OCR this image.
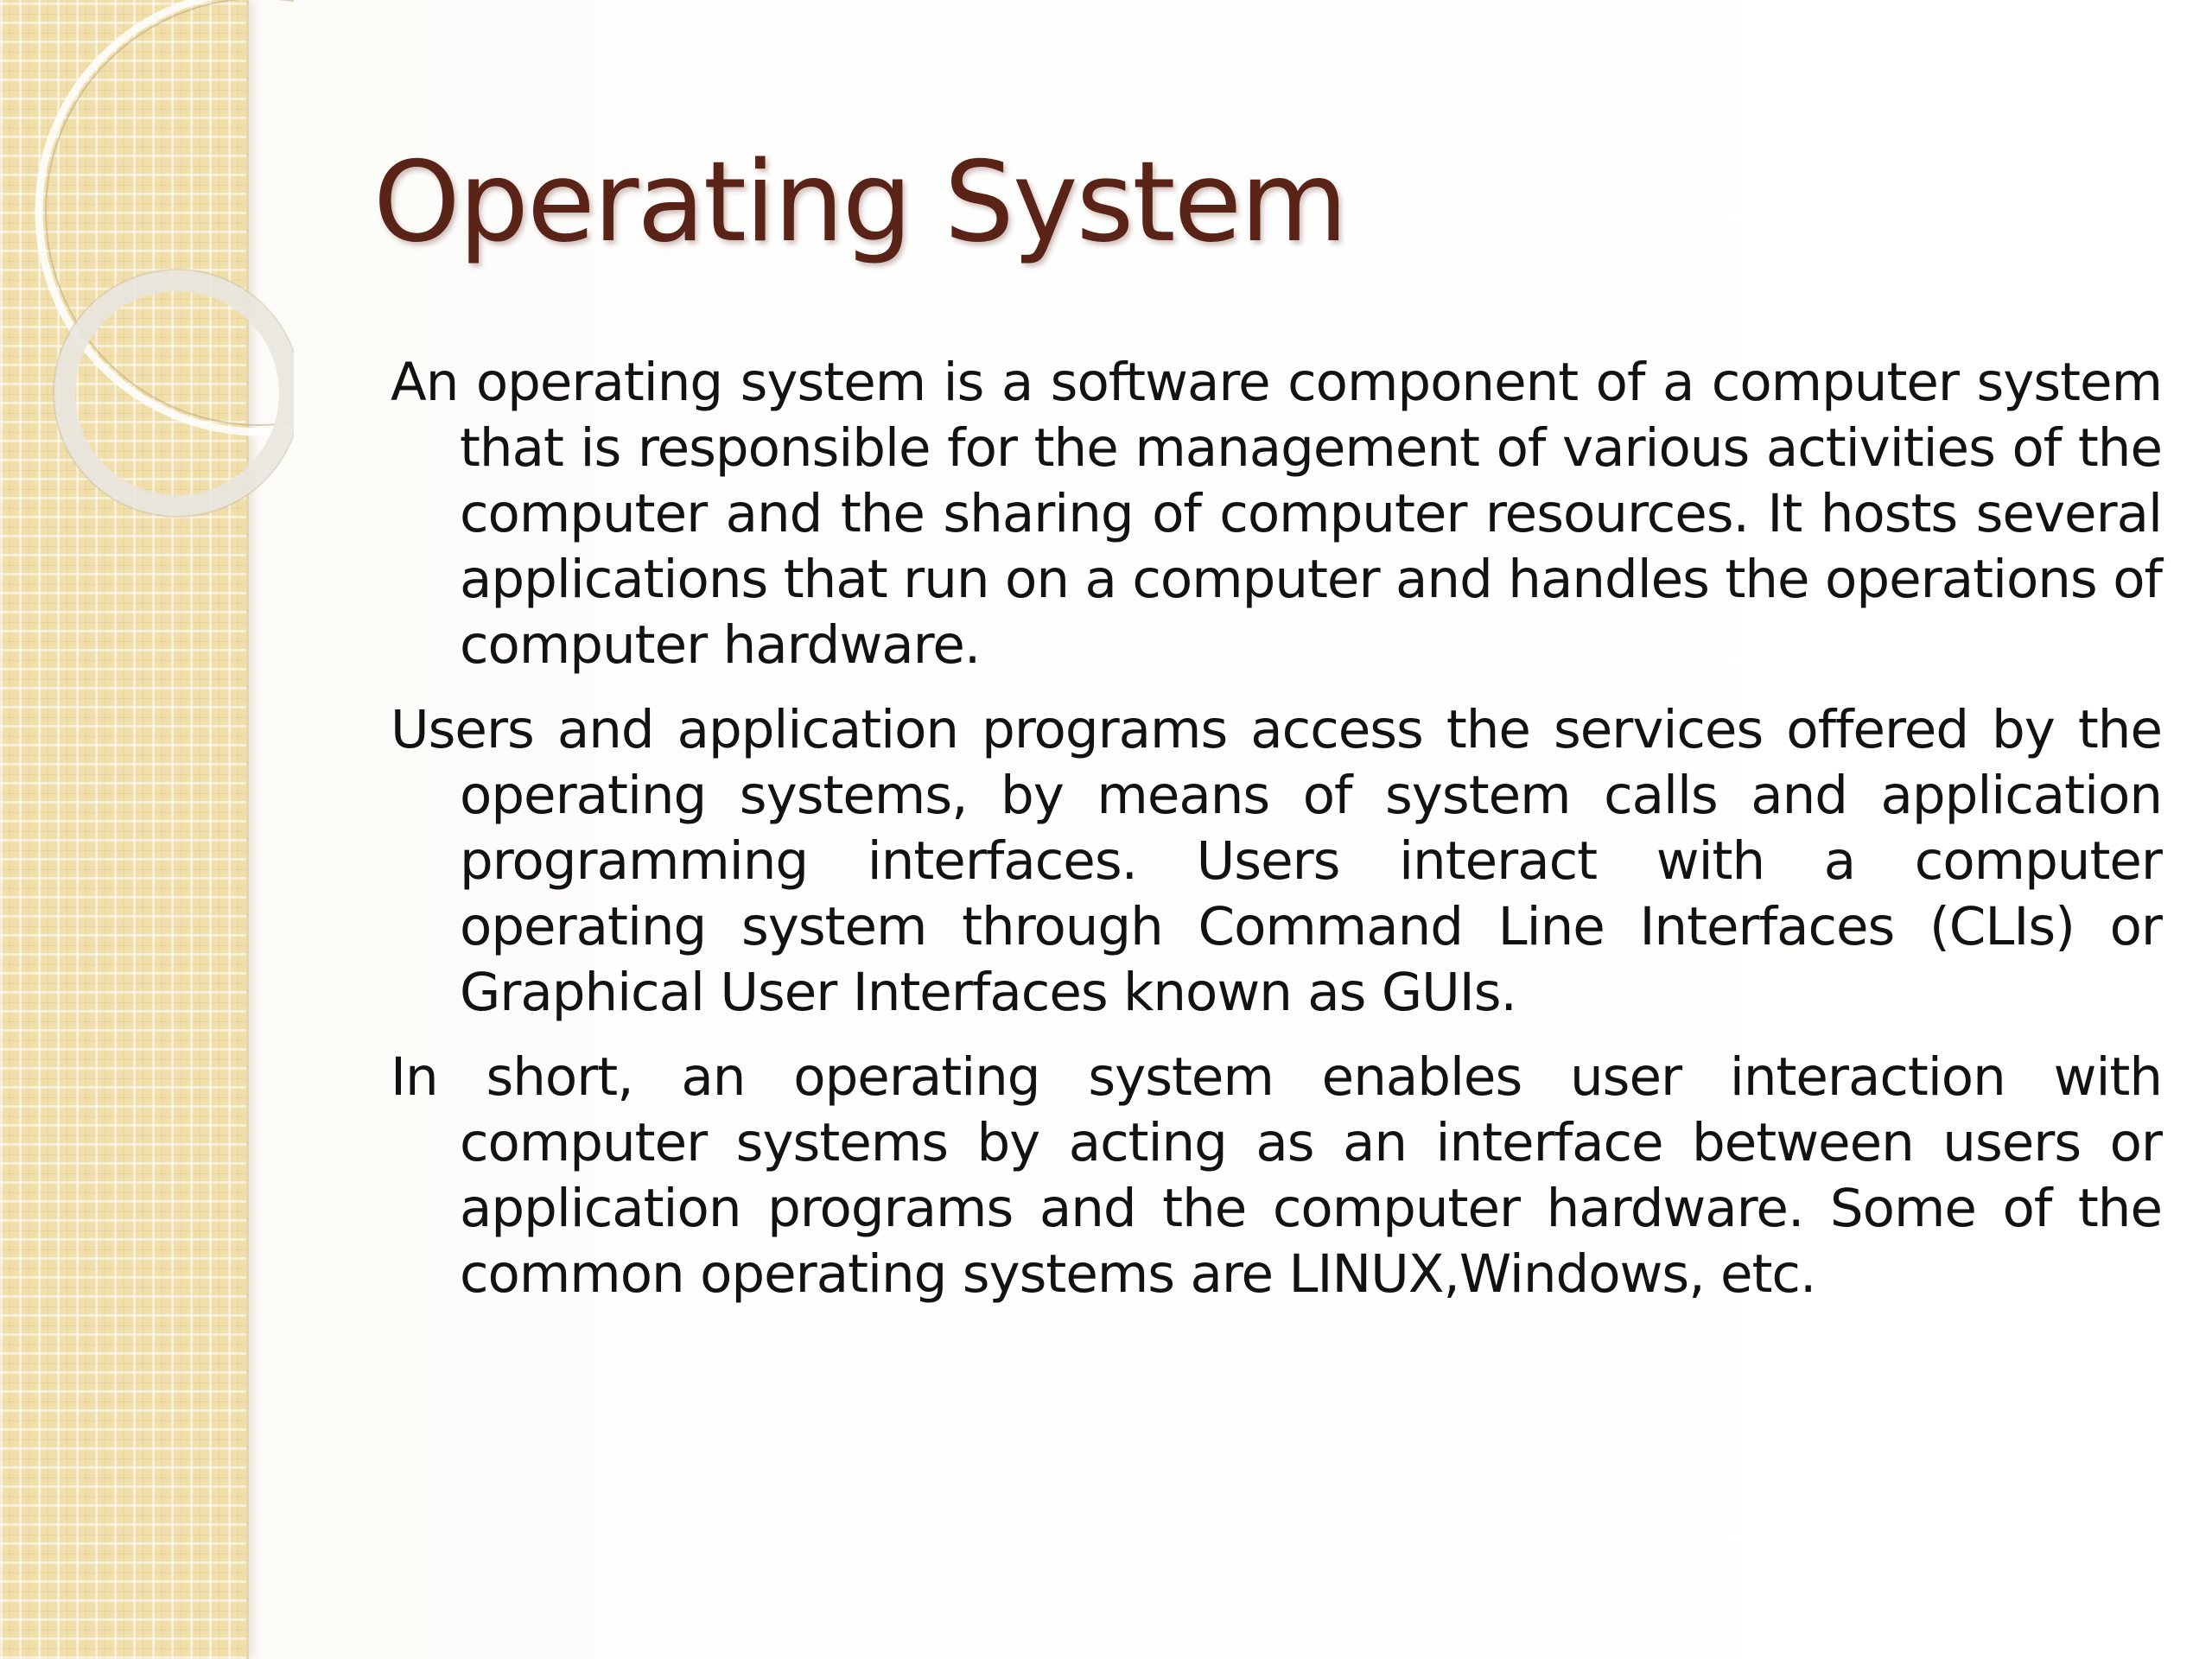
Operating System

An operating system is a software component of a computer system that is responsible for the management of various activities of the computer and the sharing of computer resources. It hosts several applications that run on a computer and handles the operations of computer hardware.

Users and application programs access the services offered by the operating systems, by means of system calls and application programming interfaces. Users interact with a computer operating system through Command Line Interfaces (CLIs) or Graphical User Interfaces known as GUIs.

In short, an operating system enables user interaction with computer systems by acting as an interface between users or application programs and the computer hardware. Some of the common operating systems are LINUX,Windows, etc.
